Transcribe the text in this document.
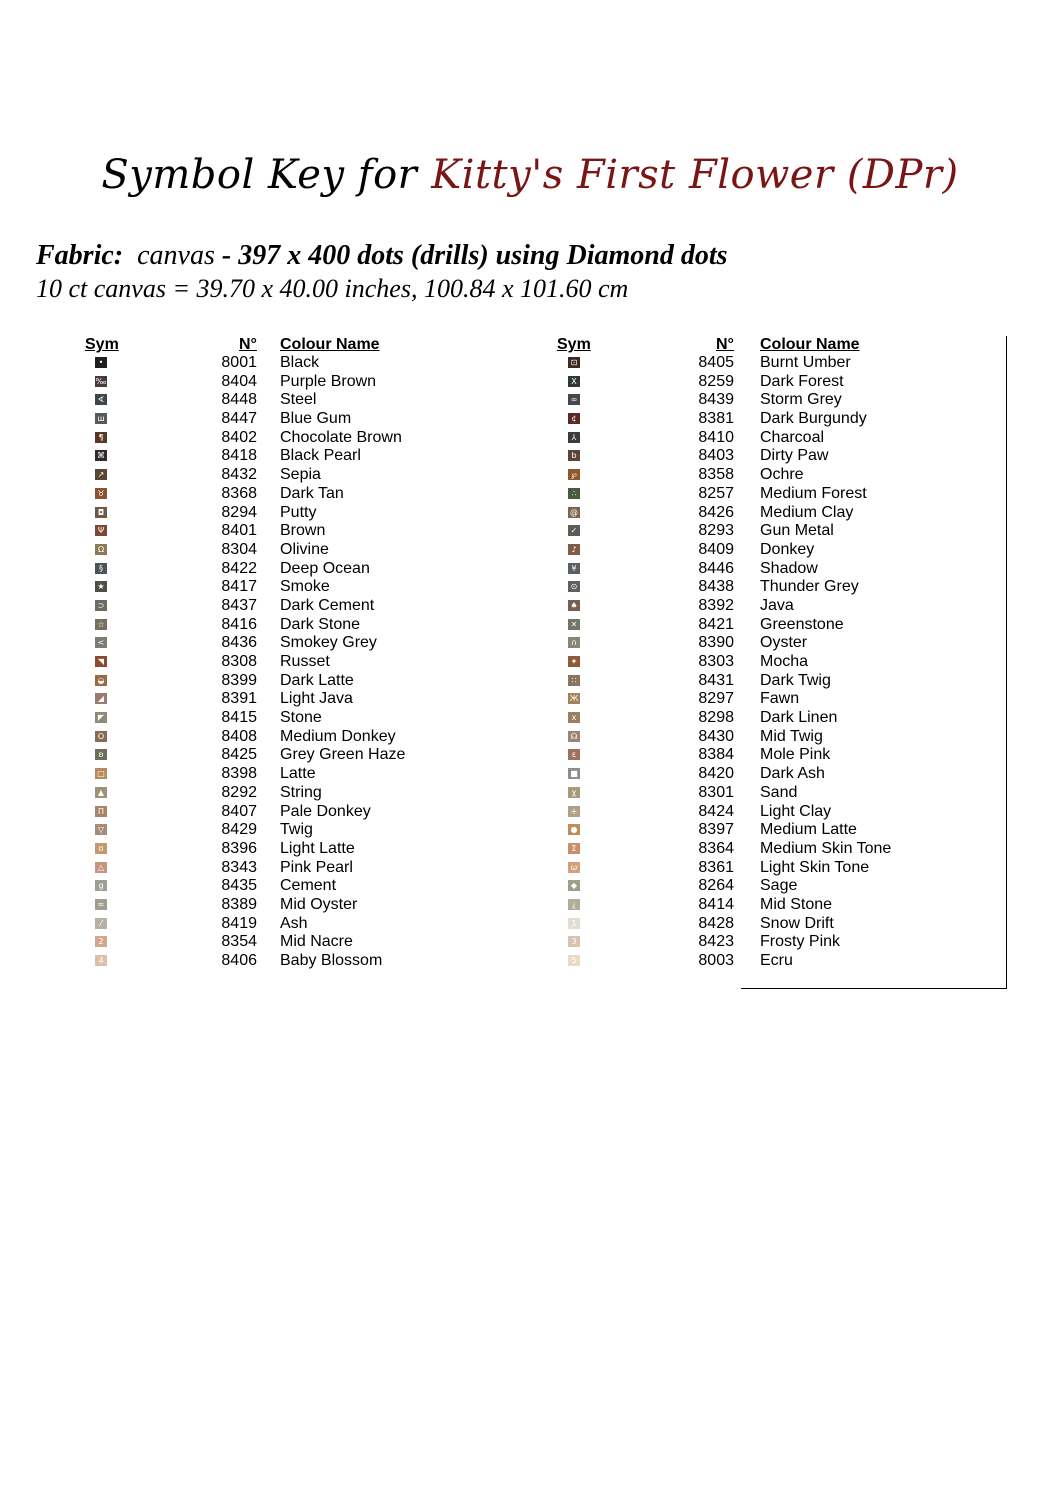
Symbol Key for Kitty's First Flower (DPr)
Fabric: canvas - 397 x 400 dots (drills) using Diamond dots
10 ct canvas = 39.70 x 40.00 inches, 100.84 x 101.60 cm
Sym	N° Colour Name
•	8001 Black
‰	8404 Purple Brown
∢	8448 Steel
ш	8447 Blue Gum
¶	8402 Chocolate Brown
⌘	8418 Black Pearl
↗	8432 Sepia
♉	8368 Dark Tan
◘	8294 Putty
Ψ	8401 Brown
Ω	8304 Olivine
§	8422 Deep Ocean
★	8417 Smoke
⊃	8437 Dark Cement
☆	8416 Dark Stone
<	8436 Smokey Grey
◥	8308 Russet
◒	8399 Dark Latte
◢	8391 Light Java
◤	8415 Stone
O	8408 Medium Donkey
ʚ	8425 Grey Green Haze
□	8398 Latte
▲	8292 String
Π	8407 Pale Donkey
▽	8429 Twig
ʊ	8396 Light Latte
△	8343 Pink Pearl
g	8435 Cement
≈	8389 Mid Oyster
⁄	8419 Ash
2	8354 Mid Nacre
4	8406 Baby Blossom
Sym	N° Colour Name
⊡	8405 Burnt Umber
X	8259 Dark Forest
∞	8439 Storm Grey
¢	8381 Dark Burgundy
⅄	8410 Charcoal
b	8403 Dirty Paw
℘	8358 Ochre
∴	8257 Medium Forest
@	8426 Medium Clay
✓	8293 Gun Metal
♪	8409 Donkey
¥	8446 Shadow
⊙	8438 Thunder Grey
♠	8392 Java
✕	8421 Greenstone
∩	8390 Oyster
✦	8303 Mocha
∷	8431 Dark Twig
Ж	8297 Fawn
x	8298 Dark Linen
☊	8430 Mid Twig
ε	8384 Mole Pink
■	8420 Dark Ash
χ	8301 Sand
+	8424 Light Clay
●	8397 Medium Latte
Σ	8364 Medium Skin Tone
ω	8361 Light Skin Tone
◆	8264 Sage
¿	8414 Mid Stone
1	8428 Snow Drift
3	8423 Frosty Pink
5	8003 Ecru
